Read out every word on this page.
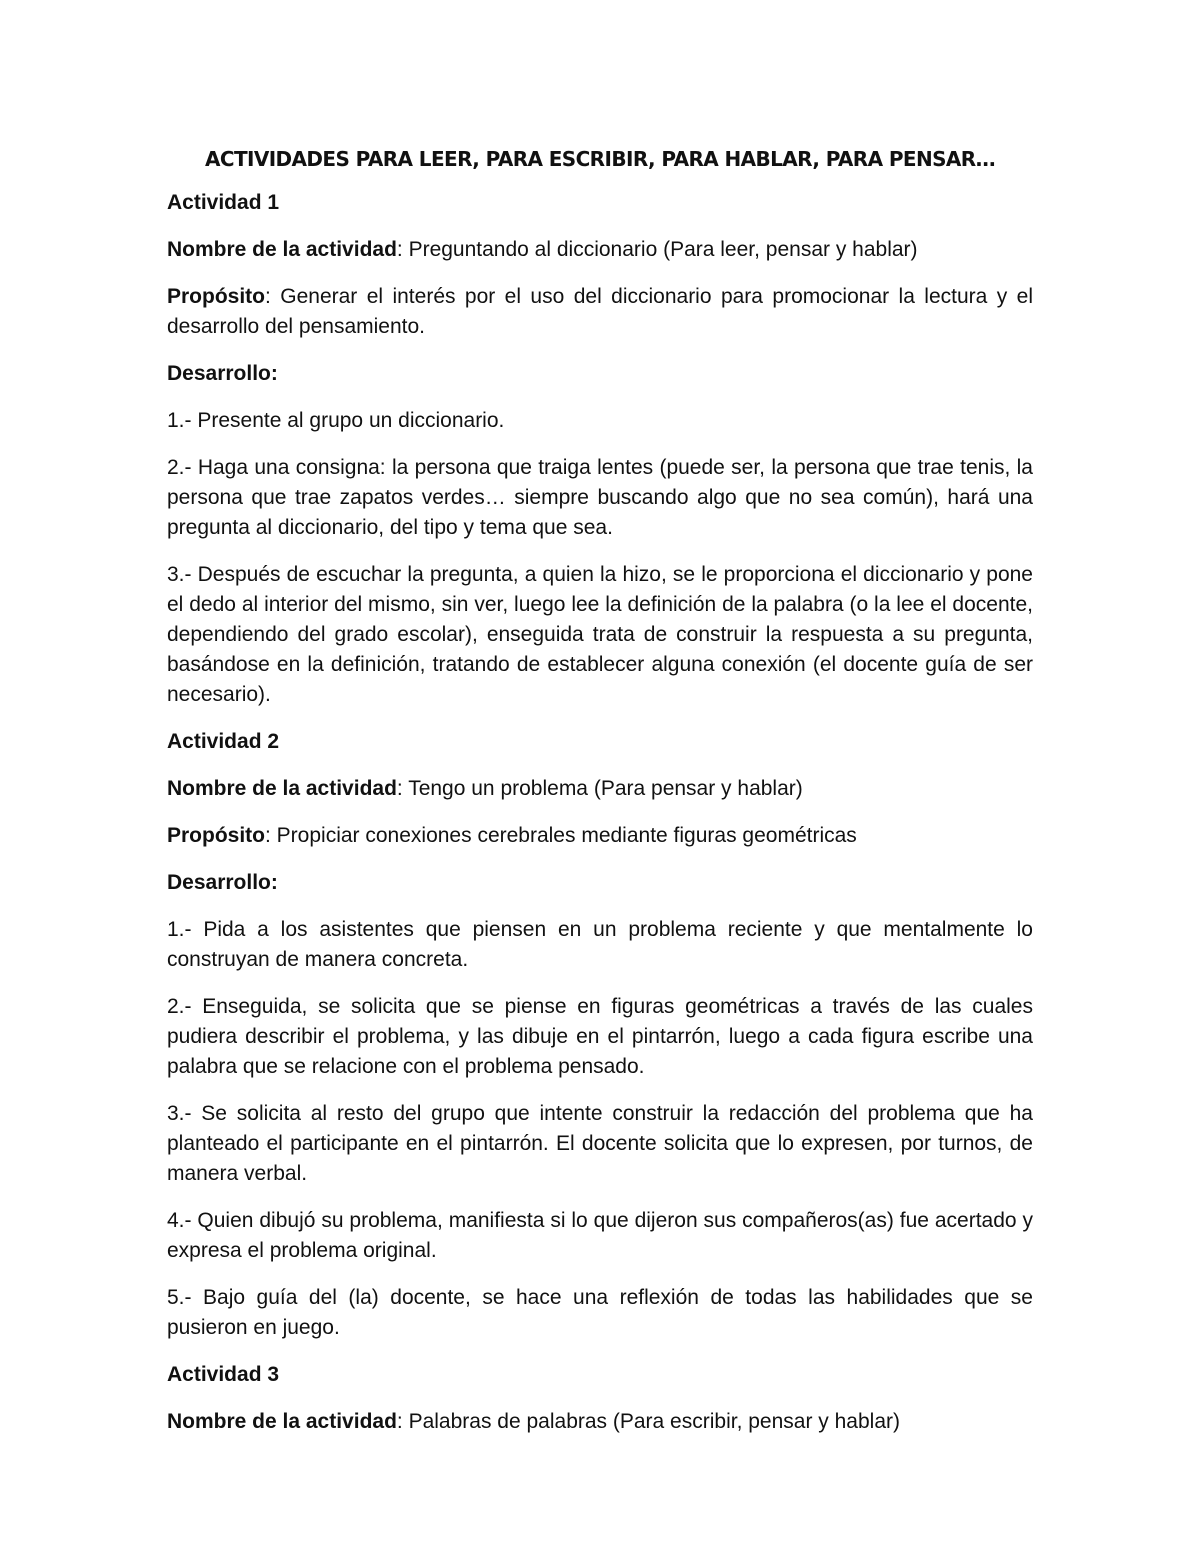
ACTIVIDADES PARA LEER, PARA ESCRIBIR, PARA HABLAR, PARA PENSAR…

Actividad 1

Nombre de la actividad: Preguntando al diccionario (Para leer, pensar y hablar)

Propósito: Generar el interés por el uso del diccionario para promocionar la lectura y el desarrollo del pensamiento.

Desarrollo:

1.- Presente al grupo un diccionario.

2.- Haga una consigna: la persona que traiga lentes (puede ser, la persona que trae tenis, la persona que trae zapatos verdes… siempre buscando algo que no sea común), hará una pregunta al diccionario, del tipo y tema que sea.

3.- Después de escuchar la pregunta, a quien la hizo, se le proporciona el diccionario y pone el dedo al interior del mismo, sin ver, luego lee la definición de la palabra (o la lee el docente, dependiendo del grado escolar), enseguida trata de construir la respuesta a su pregunta, basándose en la definición, tratando de establecer alguna conexión (el docente guía de ser necesario).

Actividad 2

Nombre de la actividad: Tengo un problema (Para pensar y hablar)

Propósito: Propiciar conexiones cerebrales mediante figuras geométricas

Desarrollo:

1.- Pida a los asistentes que piensen en un problema reciente y que mentalmente lo construyan de manera concreta.

2.- Enseguida, se solicita que se piense en figuras geométricas a través de las cuales pudiera describir el problema, y las dibuje en el pintarrón, luego a cada figura escribe una palabra que se relacione con el problema pensado.

3.- Se solicita al resto del grupo que intente construir la redacción del problema que ha planteado el participante en el pintarrón. El docente solicita que lo expresen, por turnos, de manera verbal.

4.- Quien dibujó su problema, manifiesta si lo que dijeron sus compañeros(as) fue acertado y expresa el problema original.

5.- Bajo guía del (la) docente, se hace una reflexión de todas las habilidades que se pusieron en juego.

Actividad 3

Nombre de la actividad: Palabras de palabras (Para escribir, pensar y hablar)
